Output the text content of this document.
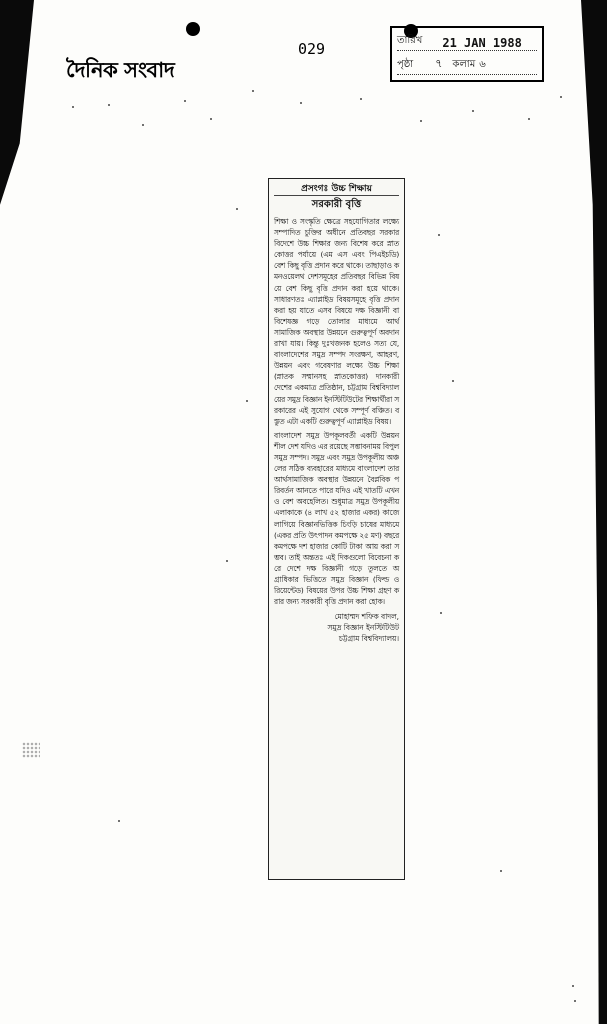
দৈনিক সংবাদ
029	তারিখ 21 JAN 1988
পৃষ্ঠা ৭ কলাম ৬
প্রসংগঃ উচ্চ শিক্ষায়
সরকারী বৃত্তি

শিক্ষা ও সংস্কৃতি ক্ষেত্রে সহযোগিতার লক্ষ্যে সম্পাদিত চুক্তির অধীনে প্রতিবছর সরকার বিদেশে উচ্চ শিক্ষার জন্য বিশেষ করে স্নাতকোত্তর পর্যায়ে (এম এস এবং পিএইচডি) বেশ কিছু বৃত্তি প্রদান করে থাকে। তাছাড়াও কমনওয়েলথ দেশসমূহের প্রতিবছর বিভিন্ন বিষয়ে বেশ কিছু বৃত্তি প্রদান করা হয়ে থাকে। সাধারণতঃ এ্যাপ্লাইড বিষয়সমূহে বৃত্তি প্রদান করা হয় যাতে এসব বিষয়ে দক্ষ বিজ্ঞানী বা বিশেষজ্ঞ গড়ে তোলার মাধ্যমে আর্থসামাজিক অবস্থার উন্নয়নে গুরুত্বপূর্ণ অবদান রাখা যায়। কিন্তু দুঃখজনক হলেও সত্য যে, বাংলাদেশের সমুদ্র সম্পদ সংরক্ষণ, আহরণ, উন্নয়ন এবং গবেষণার লক্ষ্যে উচ্চ শিক্ষা (স্নাতক সম্মানসহ স্নাতকোত্তর) দানকারী দেশের একমাত্র প্রতিষ্ঠান, চট্টগ্রাম বিশ্ববিদ্যালয়ের সমুদ্র বিজ্ঞান ইনস্টিটিউটের শিক্ষার্থীরা সরকারের এই সুযোগ থেকে সম্পূর্ণ বঞ্চিত। বস্তুত এটা একটি গুরুত্বপূর্ণ এ্যাপ্লাইড বিষয়।

বাংলাদেশ সমুদ্র উপকূলবর্তী একটি উন্নয়নশীল দেশ যদিও এর রয়েছে সম্ভাবনাময় বিপুল সমুদ্র সম্পদ। সমুদ্র এবং সমুদ্র উপকূলীয় অঞ্চলের সঠিক ব্যবহারের মাধ্যমে বাংলাদেশ তার আর্থসামাজিক অবস্থার উন্নয়নে বৈপ্লবিক পরিবর্তন আনতে পারে যদিও এই খাতটি এখনও বেশ অবহেলিত। শুধুমাত্র সমুদ্র উপকূলীয় এলাকাকে (৪ লাখ ৫২ হাজার একর) কাজে লাগিয়ে বিজ্ঞানভিত্তিক চিংড়ি চাষের মাধ্যমে (একর প্রতি উৎপাদন কমপক্ষে ২৫ মণ) বছরে কমপক্ষে দশ হাজার কোটি টাকা আয় করা সম্ভব। তাই অন্ততঃ এই দিকগুলো বিবেচনা করে দেশে দক্ষ বিজ্ঞানী গড়ে তুলতে অগ্রাধিকার ভিত্তিতে সমুদ্র বিজ্ঞান (ফিল্ড ওরিয়েন্টেড) বিষয়ের উপর উচ্চ শিক্ষা গ্রহণ করার জন্য সরকারী বৃত্তি প্রদান করা হোক।

মোহাম্মদ শফিক বাদল,
সমুদ্র বিজ্ঞান ইনস্টিটিউট
চট্টগ্রাম বিশ্ববিদ্যালয়।
